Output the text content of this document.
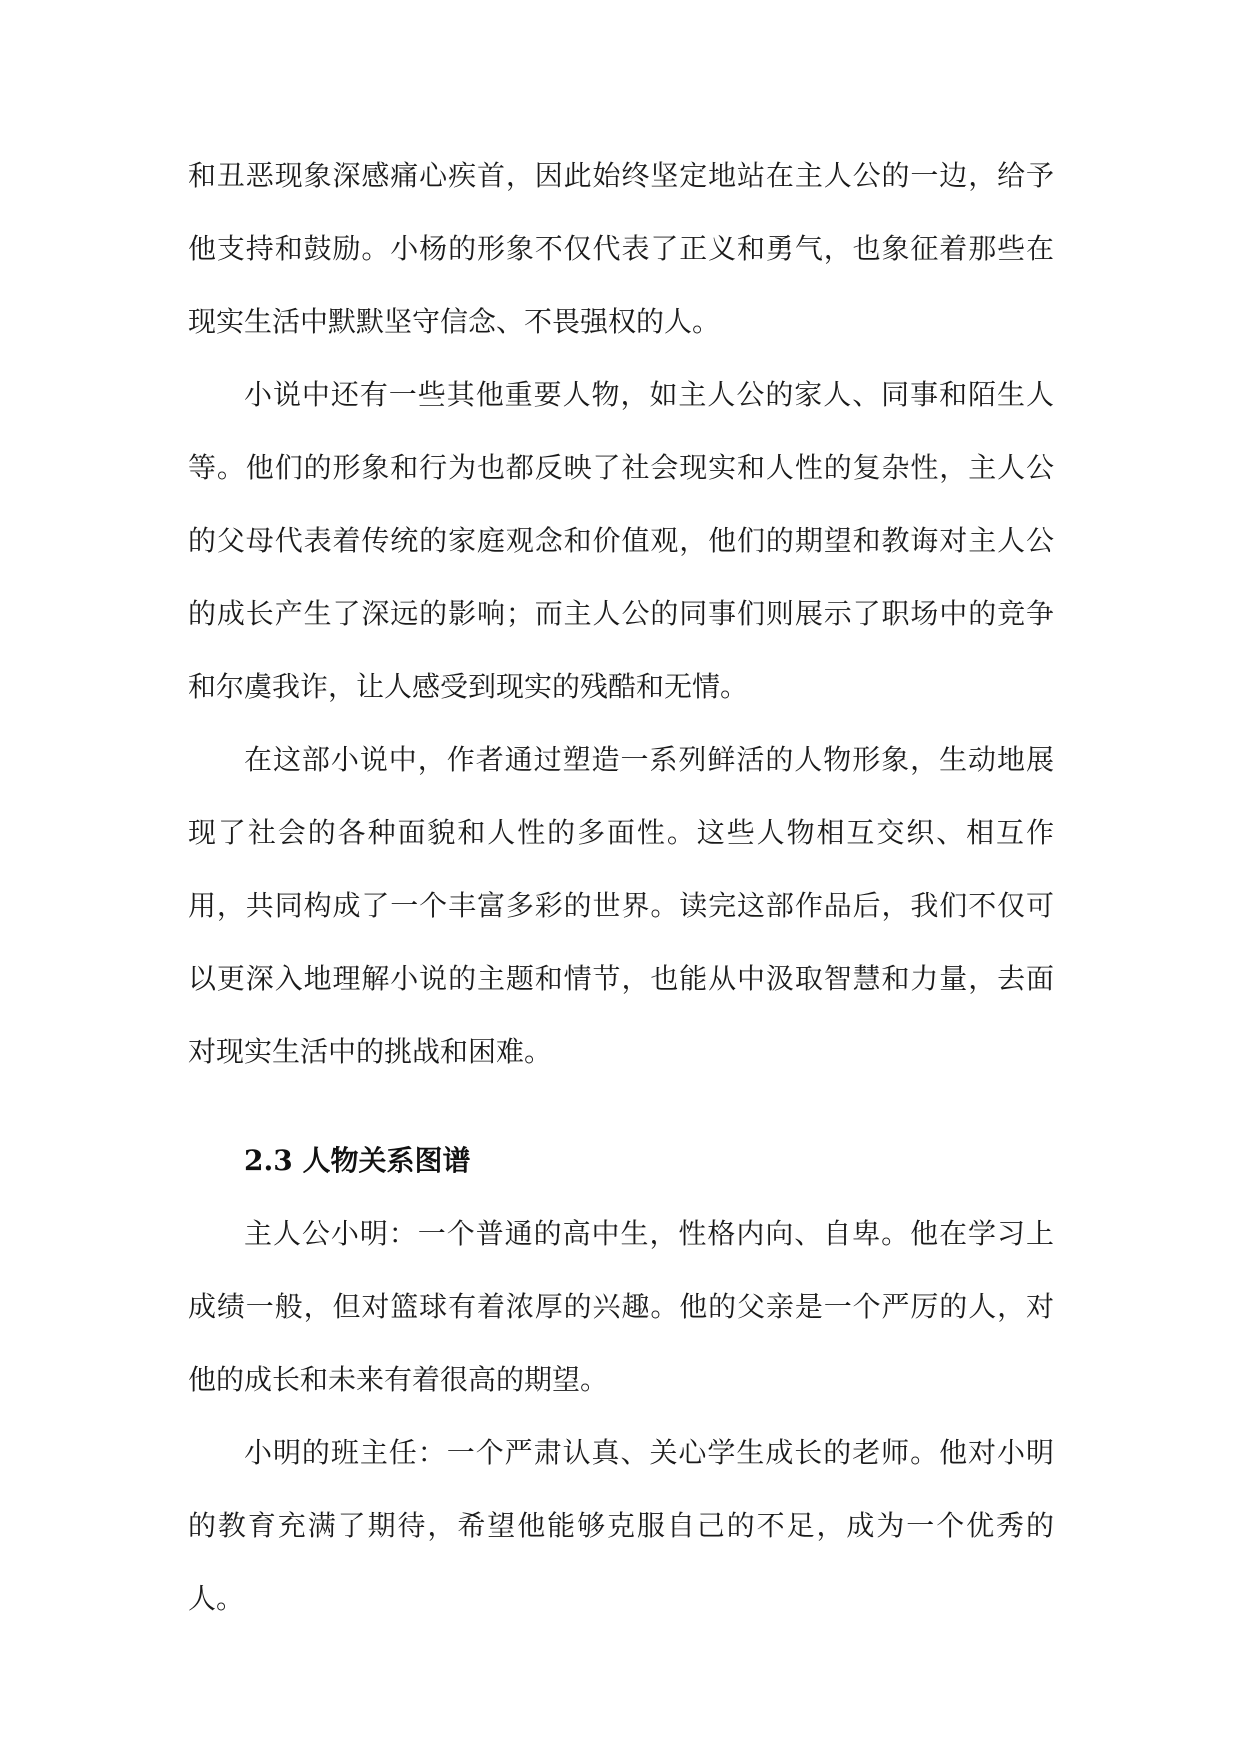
和丑恶现象深感痛心疾首，因此始终坚定地站在主人公的一边，给予他支持和鼓励。小杨的形象不仅代表了正义和勇气，也象征着那些在现实生活中默默坚守信念、不畏强权的人。

小说中还有一些其他重要人物，如主人公的家人、同事和陌生人等。他们的形象和行为也都反映了社会现实和人性的复杂性，主人公的父母代表着传统的家庭观念和价值观，他们的期望和教诲对主人公的成长产生了深远的影响；而主人公的同事们则展示了职场中的竞争和尔虞我诈，让人感受到现实的残酷和无情。

在这部小说中，作者通过塑造一系列鲜活的人物形象，生动地展现了社会的各种面貌和人性的多面性。这些人物相互交织、相互作用，共同构成了一个丰富多彩的世界。读完这部作品后，我们不仅可以更深入地理解小说的主题和情节，也能从中汲取智慧和力量，去面对现实生活中的挑战和困难。

2.3 人物关系图谱

主人公小明：一个普通的高中生，性格内向、自卑。他在学习上成绩一般，但对篮球有着浓厚的兴趣。他的父亲是一个严厉的人，对他的成长和未来有着很高的期望。

小明的班主任：一个严肃认真、关心学生成长的老师。他对小明的教育充满了期待，希望他能够克服自己的不足，成为一个优秀的人。
